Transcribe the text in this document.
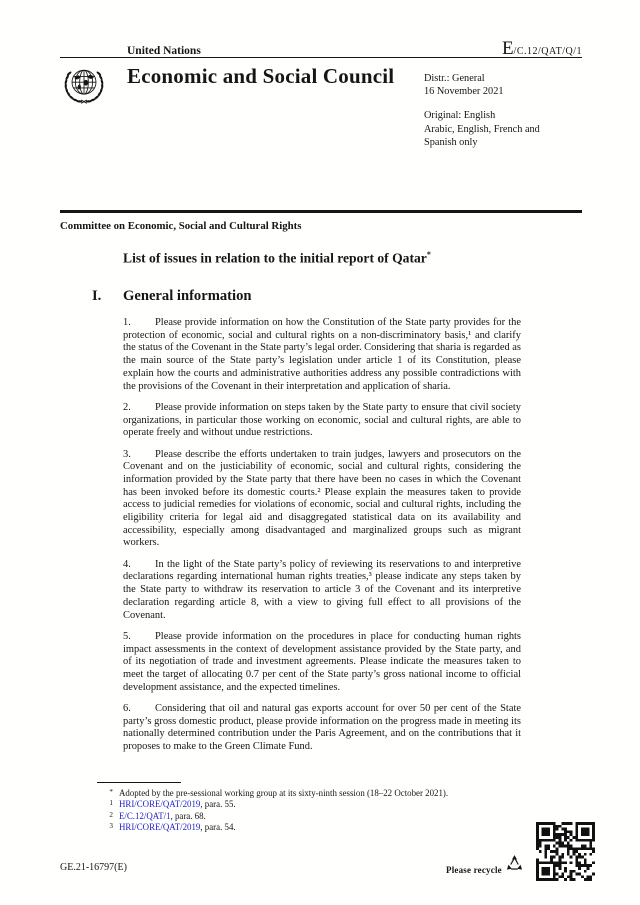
United Nations	E/C.12/QAT/Q/1
Economic and Social Council	Distr.: General
16 November 2021
Original: English
Arabic, English, French and
Spanish only
Committee on Economic, Social and Cultural Rights
List of issues in relation to the initial report of Qatar*
I.	General information

1. Please provide information on how the Constitution of the State party provides for the protection of economic, social and cultural rights on a non-discriminatory basis,¹ and clarify the status of the Covenant in the State party’s legal order. Considering that sharia is regarded as the main source of the State party’s legislation under article 1 of its Constitution, please explain how the courts and administrative authorities address any possible contradictions with the provisions of the Covenant in their interpretation and application of sharia.

2. Please provide information on steps taken by the State party to ensure that civil society organizations, in particular those working on economic, social and cultural rights, are able to operate freely and without undue restrictions.

3. Please describe the efforts undertaken to train judges, lawyers and prosecutors on the Covenant and on the justiciability of economic, social and cultural rights, considering the information provided by the State party that there have been no cases in which the Covenant has been invoked before its domestic courts.² Please explain the measures taken to provide access to judicial remedies for violations of economic, social and cultural rights, including the eligibility criteria for legal aid and disaggregated statistical data on its availability and accessibility, especially among disadvantaged and marginalized groups such as migrant workers.

4. In the light of the State party’s policy of reviewing its reservations to and interpretive declarations regarding international human rights treaties,³ please indicate any steps taken by the State party to withdraw its reservation to article 3 of the Covenant and its interpretive declaration regarding article 8, with a view to giving full effect to all provisions of the Covenant.

5. Please provide information on the procedures in place for conducting human rights impact assessments in the context of development assistance provided by the State party, and of its negotiation of trade and investment agreements. Please indicate the measures taken to meet the target of allocating 0.7 per cent of the State party’s gross national income to official development assistance, and the expected timelines.

6. Considering that oil and natural gas exports account for over 50 per cent of the State party’s gross domestic product, please provide information on the progress made in meeting its nationally determined contribution under the Paris Agreement, and on the contributions that it proposes to make to the Green Climate Fund.

* Adopted by the pre-sessional working group at its sixty-ninth session (18–22 October 2021).
1 HRI/CORE/QAT/2019, para. 55.
2 E/C.12/QAT/1, para. 68.
3 HRI/CORE/QAT/2019, para. 54.
GE.21-16797(E)	Please recycle
